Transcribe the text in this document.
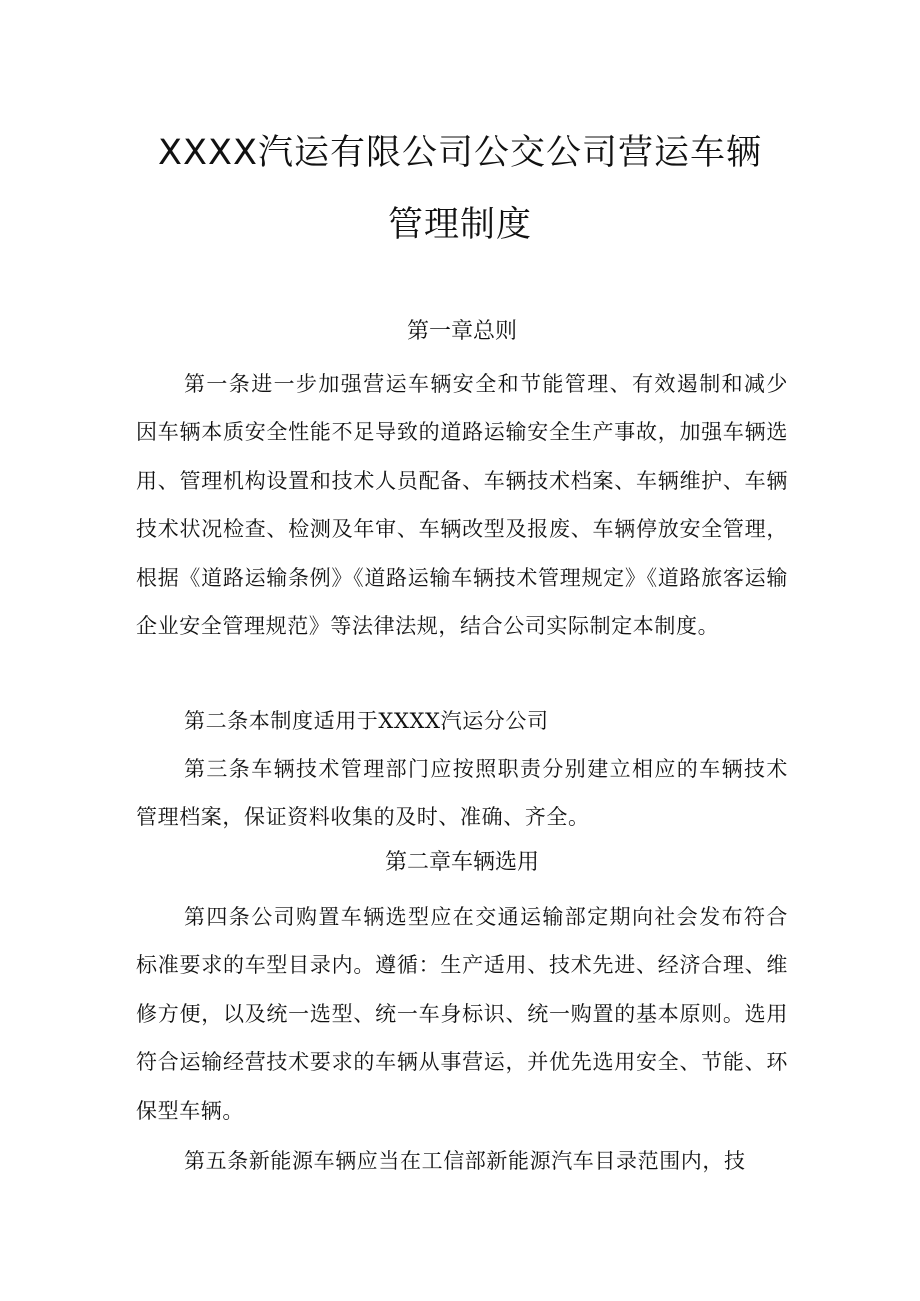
XXXX汽运有限公司公交公司营运车辆
管理制度
第一章总则

第一条进一步加强营运车辆安全和节能管理、有效遏制和减少因车辆本质安全性能不足导致的道路运输安全生产事故，加强车辆选用、管理机构设置和技术人员配备、车辆技术档案、车辆维护、车辆技术状况检查、检测及年审、车辆改型及报废、车辆停放安全管理，根据《道路运输条例》《道路运输车辆技术管理规定》《道路旅客运输企业安全管理规范》等法律法规，结合公司实际制定本制度。

第二条本制度适用于XXXX汽运分公司

第三条车辆技术管理部门应按照职责分别建立相应的车辆技术管理档案，保证资料收集的及时、准确、齐全。

第二章车辆选用

第四条公司购置车辆选型应在交通运输部定期向社会发布符合标准要求的车型目录内。遵循：生产适用、技术先进、经济合理、维修方便，以及统一选型、统一车身标识、统一购置的基本原则。选用符合运输经营技术要求的车辆从事营运，并优先选用安全、节能、环保型车辆。

第五条新能源车辆应当在工信部新能源汽车目录范围内，技
